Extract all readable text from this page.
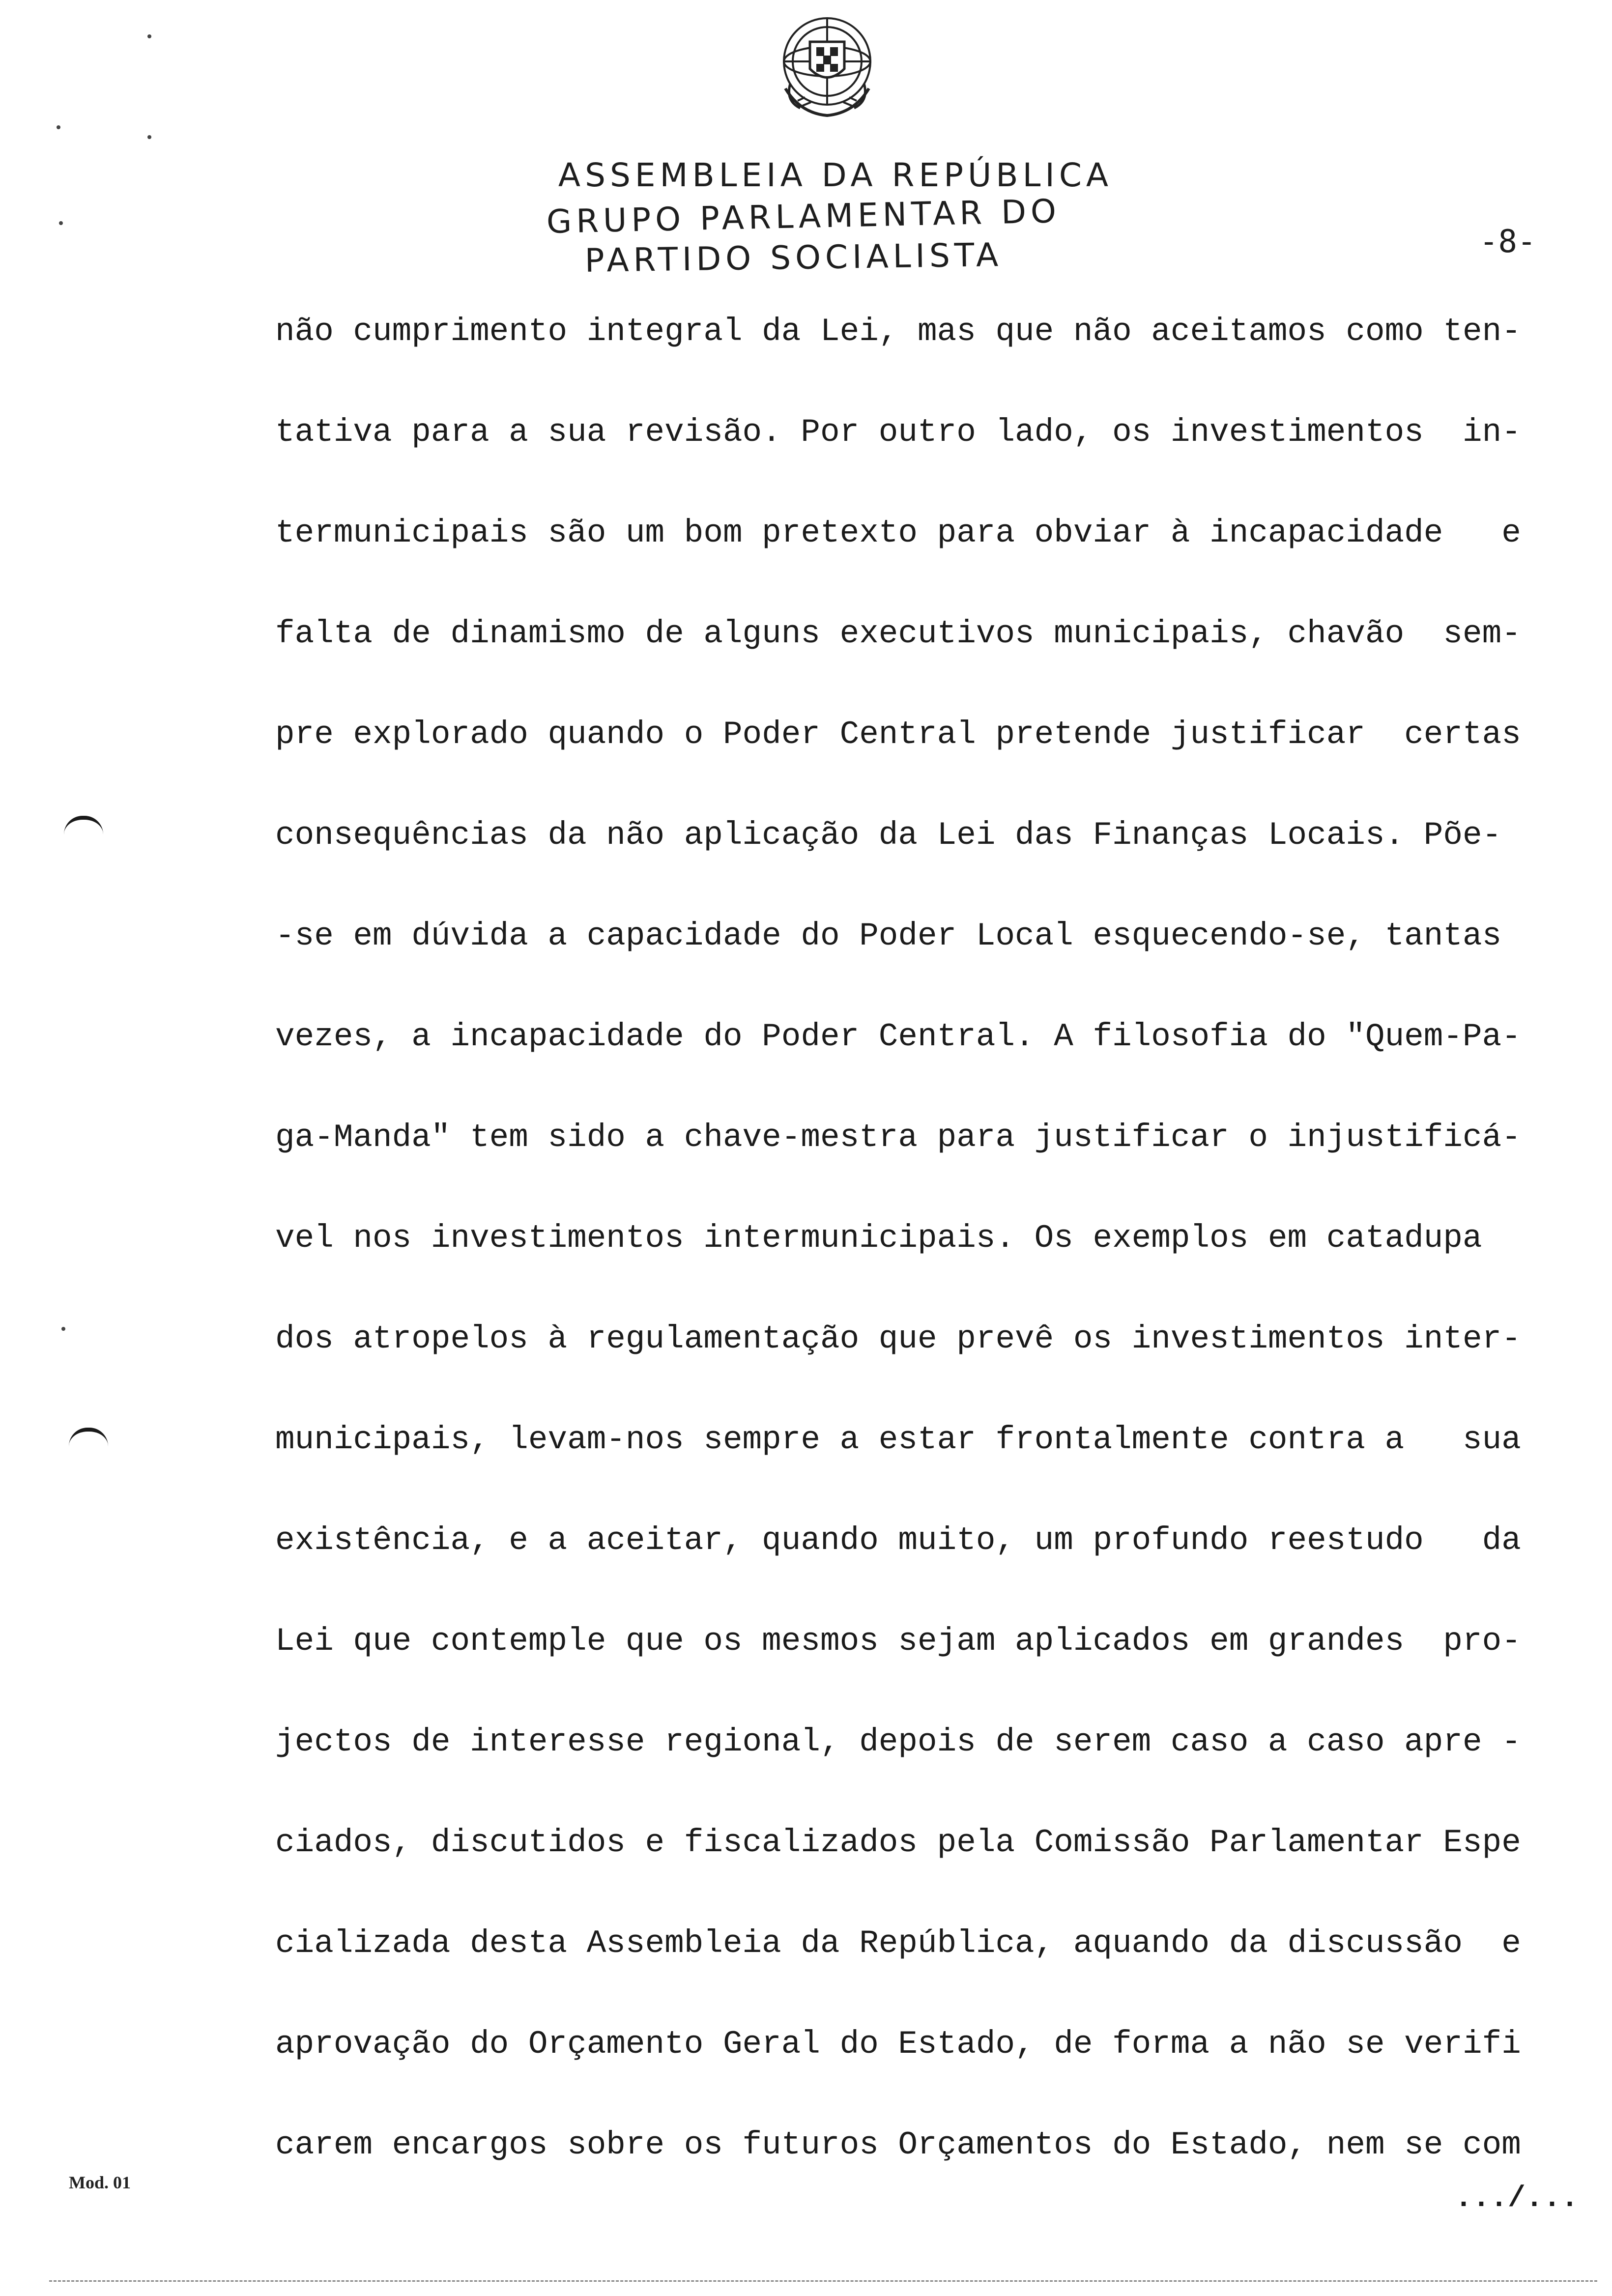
ASSEMBLEIA DA REPÚBLICA
GRUPO PARLAMENTAR DO
PARTIDO SOCIALISTA	-8-
não cumprimento integral da Lei, mas que não aceitamos como ten-
tativa para a sua revisão. Por outro lado, os investimentos  in-
termunicipais são um bom pretexto para obviar à incapacidade   e
falta de dinamismo de alguns executivos municipais, chavão  sem-
pre explorado quando o Poder Central pretende justificar  certas
consequências da não aplicação da Lei das Finanças Locais. Põe-
-se em dúvida a capacidade do Poder Local esquecendo-se, tantas
vezes, a incapacidade do Poder Central. A filosofia do "Quem-Pa-
ga-Manda" tem sido a chave-mestra para justificar o injustificá-
vel nos investimentos intermunicipais. Os exemplos em catadupa
dos atropelos à regulamentação que prevê os investimentos inter-
municipais, levam-nos sempre a estar frontalmente contra a   sua
existência, e a aceitar, quando muito, um profundo reestudo   da
Lei que contemple que os mesmos sejam aplicados em grandes  pro-
jectos de interesse regional, depois de serem caso a caso apre -
ciados, discutidos e fiscalizados pela Comissão Parlamentar Espe
cializada desta Assembleia da República, aquando da discussão  e
aprovação do Orçamento Geral do Estado, de forma a não se verifi
carem encargos sobre os futuros Orçamentos do Estado, nem se com
Mod. 01	.../...
